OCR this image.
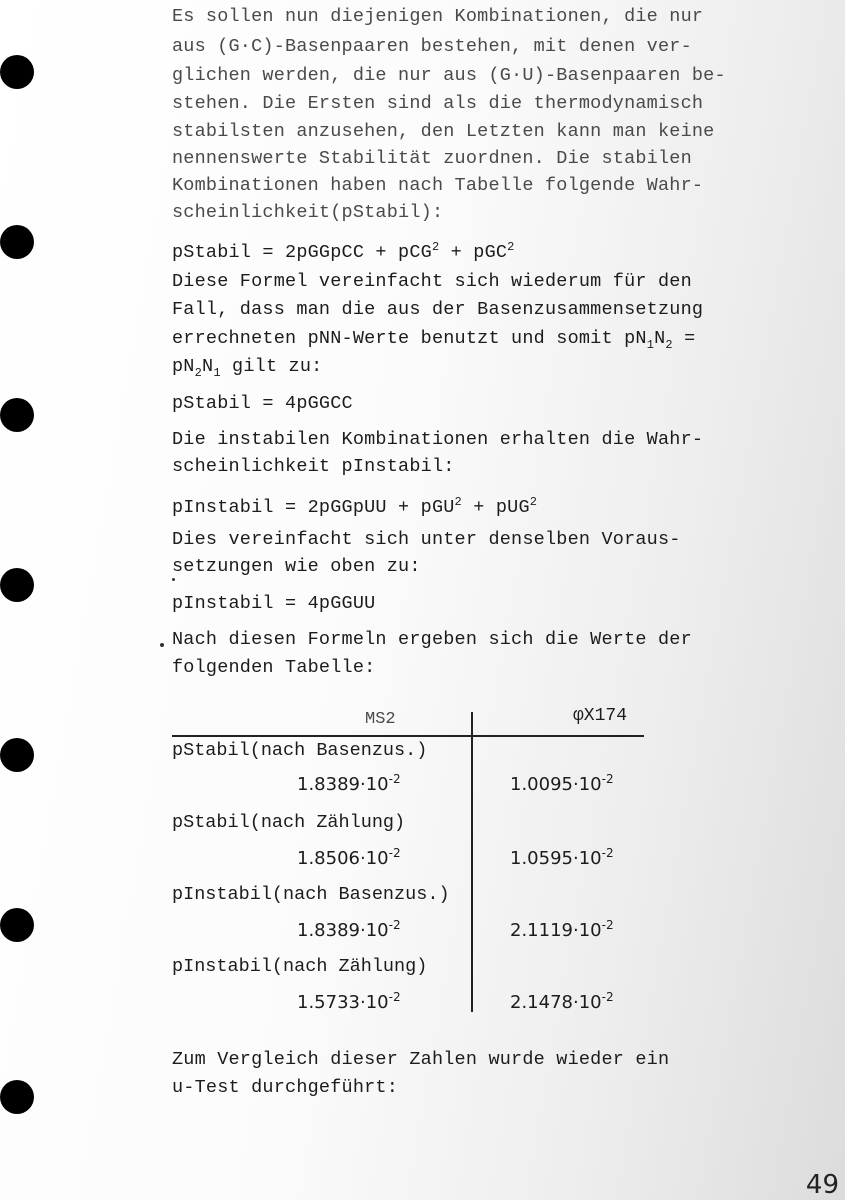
Es sollen nun diejenigen Kombinationen, die nur
aus (G·C)-Basenpaaren bestehen, mit denen ver-
glichen werden, die nur aus (G·U)-Basenpaaren be-
stehen. Die Ersten sind als die thermodynamisch
stabilsten anzusehen, den Letzten kann man keine
nennenswerte Stabilität zuordnen. Die stabilen
Kombinationen haben nach Tabelle folgende Wahr-
scheinlichkeit(pStabil):
pStabil = 2pGGpCC + pCG$^2$ + pGC$^2$
Diese Formel vereinfacht sich wiederum für den
Fall, dass man die aus der Basenzusammensetzung
errechneten pNN-Werte benutzt und somit $pN_1N_2$ =
$pN_2N_1$ gilt zu:
pStabil = 4pGGCC
Die instabilen Kombinationen erhalten die Wahr-
scheinlichkeit pInstabil:
pInstabil = 2pGGpUU + pGU$^2$ + pUG$^2$
Dies vereinfacht sich unter denselben Voraus-
setzungen wie oben zu:
pInstabil = 4pGGUU
Nach diesen Formeln ergeben sich die Werte der
folgenden Tabelle:
MS2	φX174
pStabil(nach Basenzus.)
$1.8389\cdot 10^{-2}$	$1.0095\cdot 10^{-2}$
pStabil(nach Zählung)
$1.8506\cdot 10^{-2}$	$1.0595\cdot 10^{-2}$
pInstabil(nach Basenzus.)
$1.8389\cdot 10^{-2}$	$2.1119\cdot 10^{-2}$
pInstabil(nach Zählung)
$1.5733\cdot 10^{-2}$	$2.1478\cdot 10^{-2}$
Zum Vergleich dieser Zahlen wurde wieder ein
u-Test durchgeführt:
49
